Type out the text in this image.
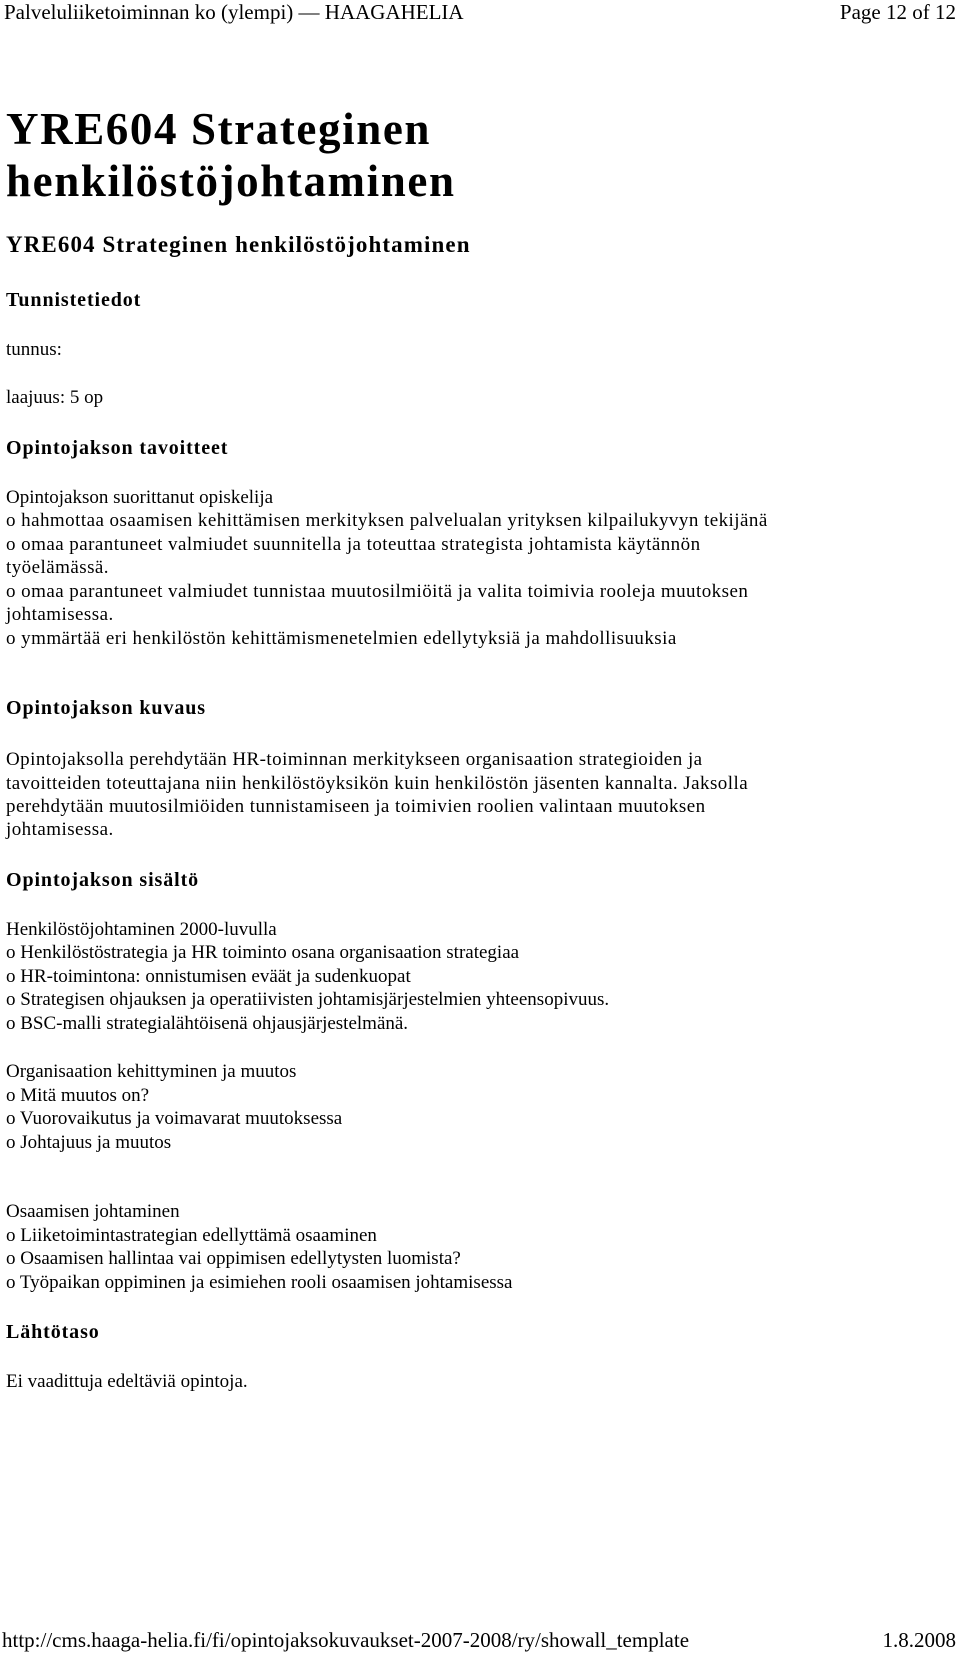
Palveluliiketoiminnan ko (ylempi) — HAAGAHELIA	Page 12 of 12
YRE604 Strateginen
henkilöstöjohtaminen
YRE604 Strateginen henkilöstöjohtaminen
Tunnistetiedot
tunnus:
laajuus: 5 op
Opintojakson tavoitteet
Opintojakson suorittanut opiskelija
o hahmottaa osaamisen kehittämisen merkityksen palvelualan yrityksen kilpailukyvyn tekijänä
o omaa parantuneet valmiudet suunnitella ja toteuttaa strategista johtamista käytännön
työelämässä.
o omaa parantuneet valmiudet tunnistaa muutosilmiöitä ja valita toimivia rooleja muutoksen
johtamisessa.
o ymmärtää eri henkilöstön kehittämismenetelmien edellytyksiä ja mahdollisuuksia
Opintojakson kuvaus
Opintojaksolla perehdytään HR-toiminnan merkitykseen organisaation strategioiden ja
tavoitteiden toteuttajana niin henkilöstöyksikön kuin henkilöstön jäsenten kannalta. Jaksolla
perehdytään muutosilmiöiden tunnistamiseen ja toimivien roolien valintaan muutoksen
johtamisessa.
Opintojakson sisältö
Henkilöstöjohtaminen 2000-luvulla
o Henkilöstöstrategia ja HR toiminto osana organisaation strategiaa
o HR-toimintona: onnistumisen eväät ja sudenkuopat
o Strategisen ohjauksen ja operatiivisten johtamisjärjestelmien yhteensopivuus.
o BSC-malli strategialähtöisenä ohjausjärjestelmänä.
Organisaation kehittyminen ja muutos
o Mitä muutos on?
o Vuorovaikutus ja voimavarat muutoksessa
o Johtajuus ja muutos
Osaamisen johtaminen
o Liiketoimintastrategian edellyttämä osaaminen
o Osaamisen hallintaa vai oppimisen edellytysten luomista?
o Työpaikan oppiminen ja esimiehen rooli osaamisen johtamisessa
Lähtötaso
Ei vaadittuja edeltäviä opintoja.
http://cms.haaga-helia.fi/fi/opintojaksokuvaukset-2007-2008/ry/showall_template	1.8.2008
